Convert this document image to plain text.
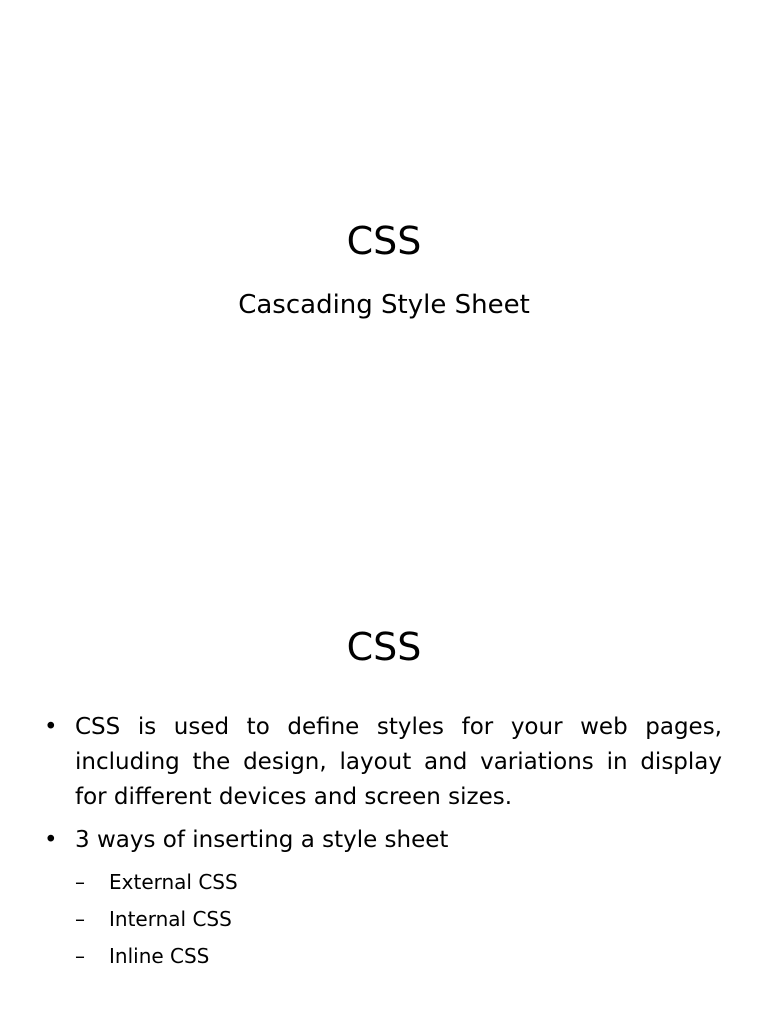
CSS

Cascading Style Sheet

CSS
• CSS is used to define styles for your web pages, including the design, layout and variations in display for different devices and screen sizes.
• 3 ways of inserting a style sheet
–	External CSS
–	Internal CSS
–	Inline CSS
